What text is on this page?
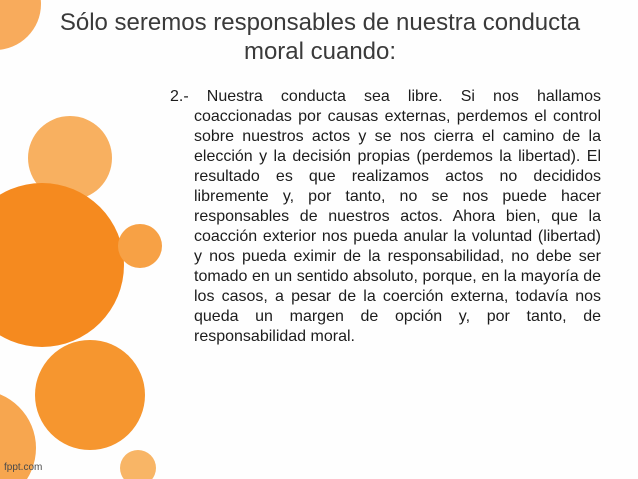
Sólo seremos responsables de nuestra conducta moral cuando:

2.- Nuestra conducta sea libre. Si nos hallamos coaccionadas por causas externas, perdemos el control sobre nuestros actos y se nos cierra el camino de la elección y la decisión propias (perdemos la libertad). El resultado es que realizamos actos no decididos libremente y, por tanto, no se nos puede hacer responsables de nuestros actos. Ahora bien, que la coacción exterior nos pueda anular la voluntad (libertad) y nos pueda eximir de la responsabilidad, no debe ser tomado en un sentido absoluto, porque, en la mayoría de los casos, a pesar de la coerción externa, todavía nos queda un margen de opción y, por tanto, de responsabilidad moral.

fppt.com
